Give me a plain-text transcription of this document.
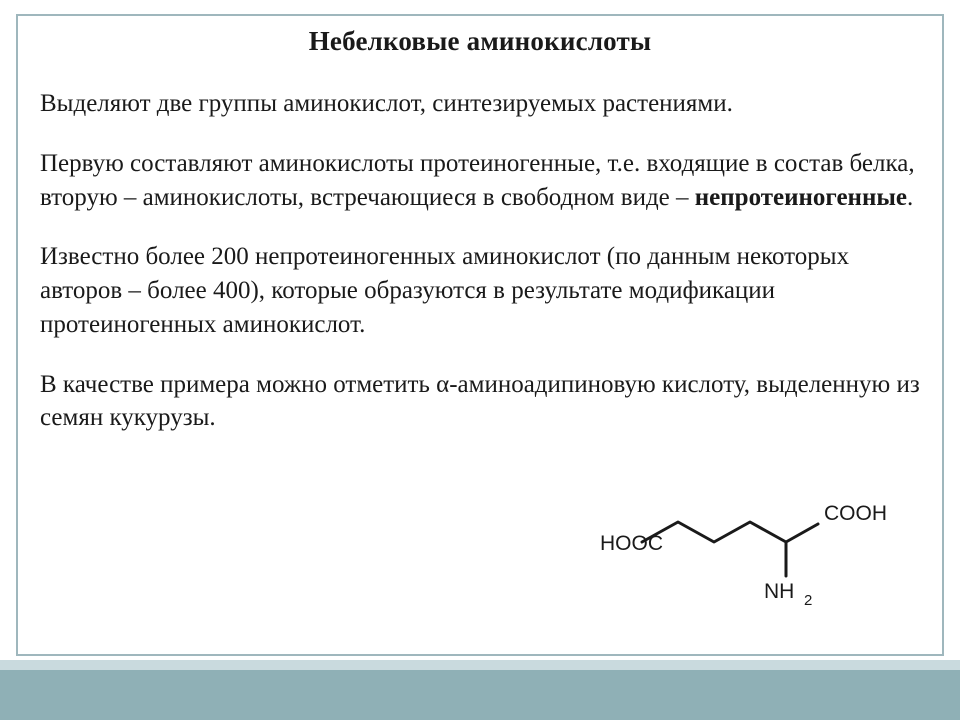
Небелковые аминокислоты

Выделяют две группы аминокислот, синтезируемых растениями.

Первую составляют аминокислоты протеиногенные, т.е. входящие в состав белка, вторую – аминокислоты, встречающиеся в свободном виде – непротеиногенные.

Известно более 200 непротеиногенных аминокислот (по данным некоторых авторов – более 400), которые образуются в результате модификации протеиногенных аминокислот.

В качестве примера можно отметить α-аминоадипиновую кислоту, выделенную из семян кукурузы.

HOOC
COOH
NH 2
